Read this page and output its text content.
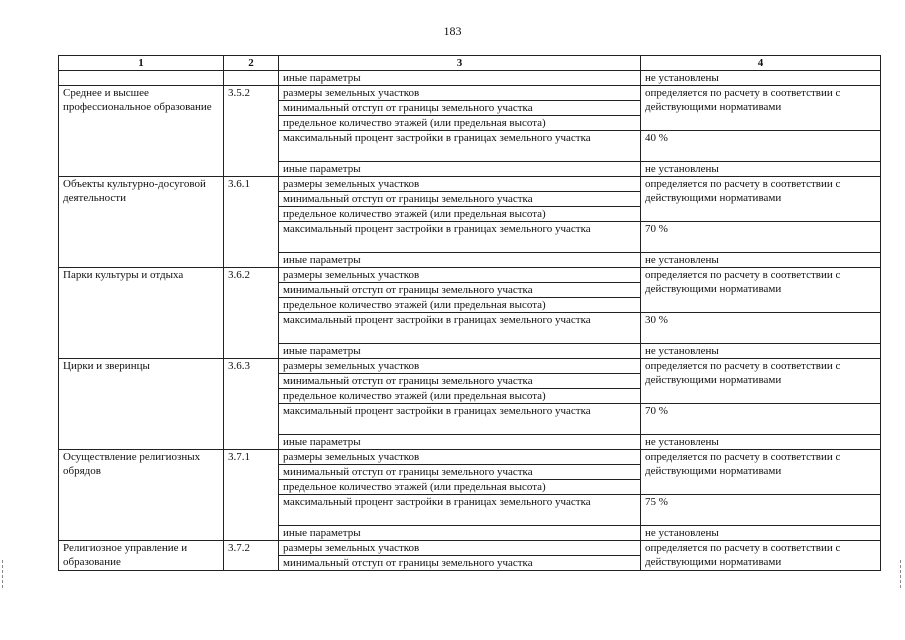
183
1	2	3	4
		иные параметры	не установлены
Среднее и высшее профессиональное образование	3.5.2	размеры земельных участков	определяется по расчету в соответствии с действующими нормативами
		минимальный отступ от границы земельного участка	
		предельное количество этажей (или предельная высота)	
		максимальный процент застройки в границах земельного участка	40 %
		иные параметры	не установлены
Объекты культурно-досуговой деятельности	3.6.1	размеры земельных участков	определяется по расчету в соответствии с действующими нормативами
		минимальный отступ от границы земельного участка	
		предельное количество этажей (или предельная высота)	
		максимальный процент застройки в границах земельного участка	70 %
		иные параметры	не установлены
Парки культуры и отдыха	3.6.2	размеры земельных участков	определяется по расчету в соответствии с действующими нормативами
		минимальный отступ от границы земельного участка	
		предельное количество этажей (или предельная высота)	
		максимальный процент застройки в границах земельного участка	30 %
		иные параметры	не установлены
Цирки и зверинцы	3.6.3	размеры земельных участков	определяется по расчету в соответствии с действующими нормативами
		минимальный отступ от границы земельного участка	
		предельное количество этажей (или предельная высота)	
		максимальный процент застройки в границах земельного участка	70 %
		иные параметры	не установлены
Осуществление религиозных обрядов	3.7.1	размеры земельных участков	определяется по расчету в соответствии с действующими нормативами
		минимальный отступ от границы земельного участка	
		предельное количество этажей (или предельная высота)	
		максимальный процент застройки в границах земельного участка	75 %
		иные параметры	не установлены
Религиозное управление и образование	3.7.2	размеры земельных участков	определяется по расчету в соответствии с действующими нормативами
		минимальный отступ от границы земельного участка	
